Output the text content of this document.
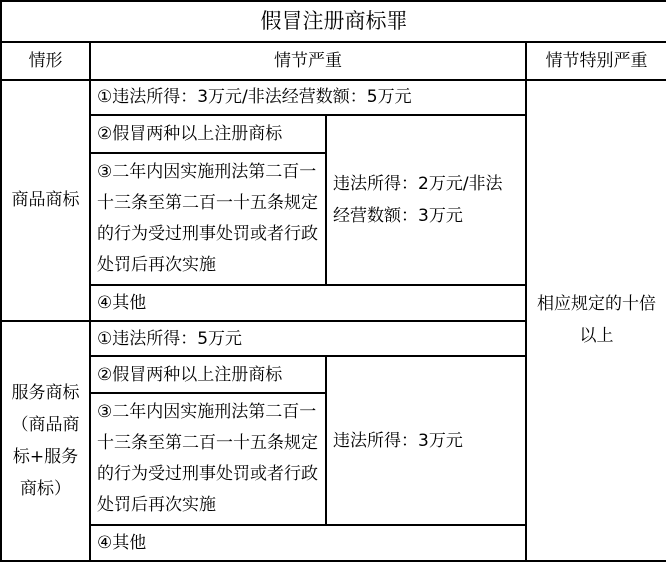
假冒注册商标罪			
情形	情节严重		情节特别严重
商品商标	①违法所得：3万元/非法经营数额：5万元		相应规定的十倍以上
	②假冒两种以上注册商标	违法所得：2万元/非法经营数额：3万元	
	③二年内因实施刑法第二百一十三条至第二百一十五条规定的行为受过刑事处罚或者行政处罚后再次实施		
	④其他		
服务商标（商品商标+服务商标）	①违法所得：5万元		
	②假冒两种以上注册商标	违法所得：3万元	
	③二年内因实施刑法第二百一十三条至第二百一十五条规定的行为受过刑事处罚或者行政处罚后再次实施		
	④其他		
